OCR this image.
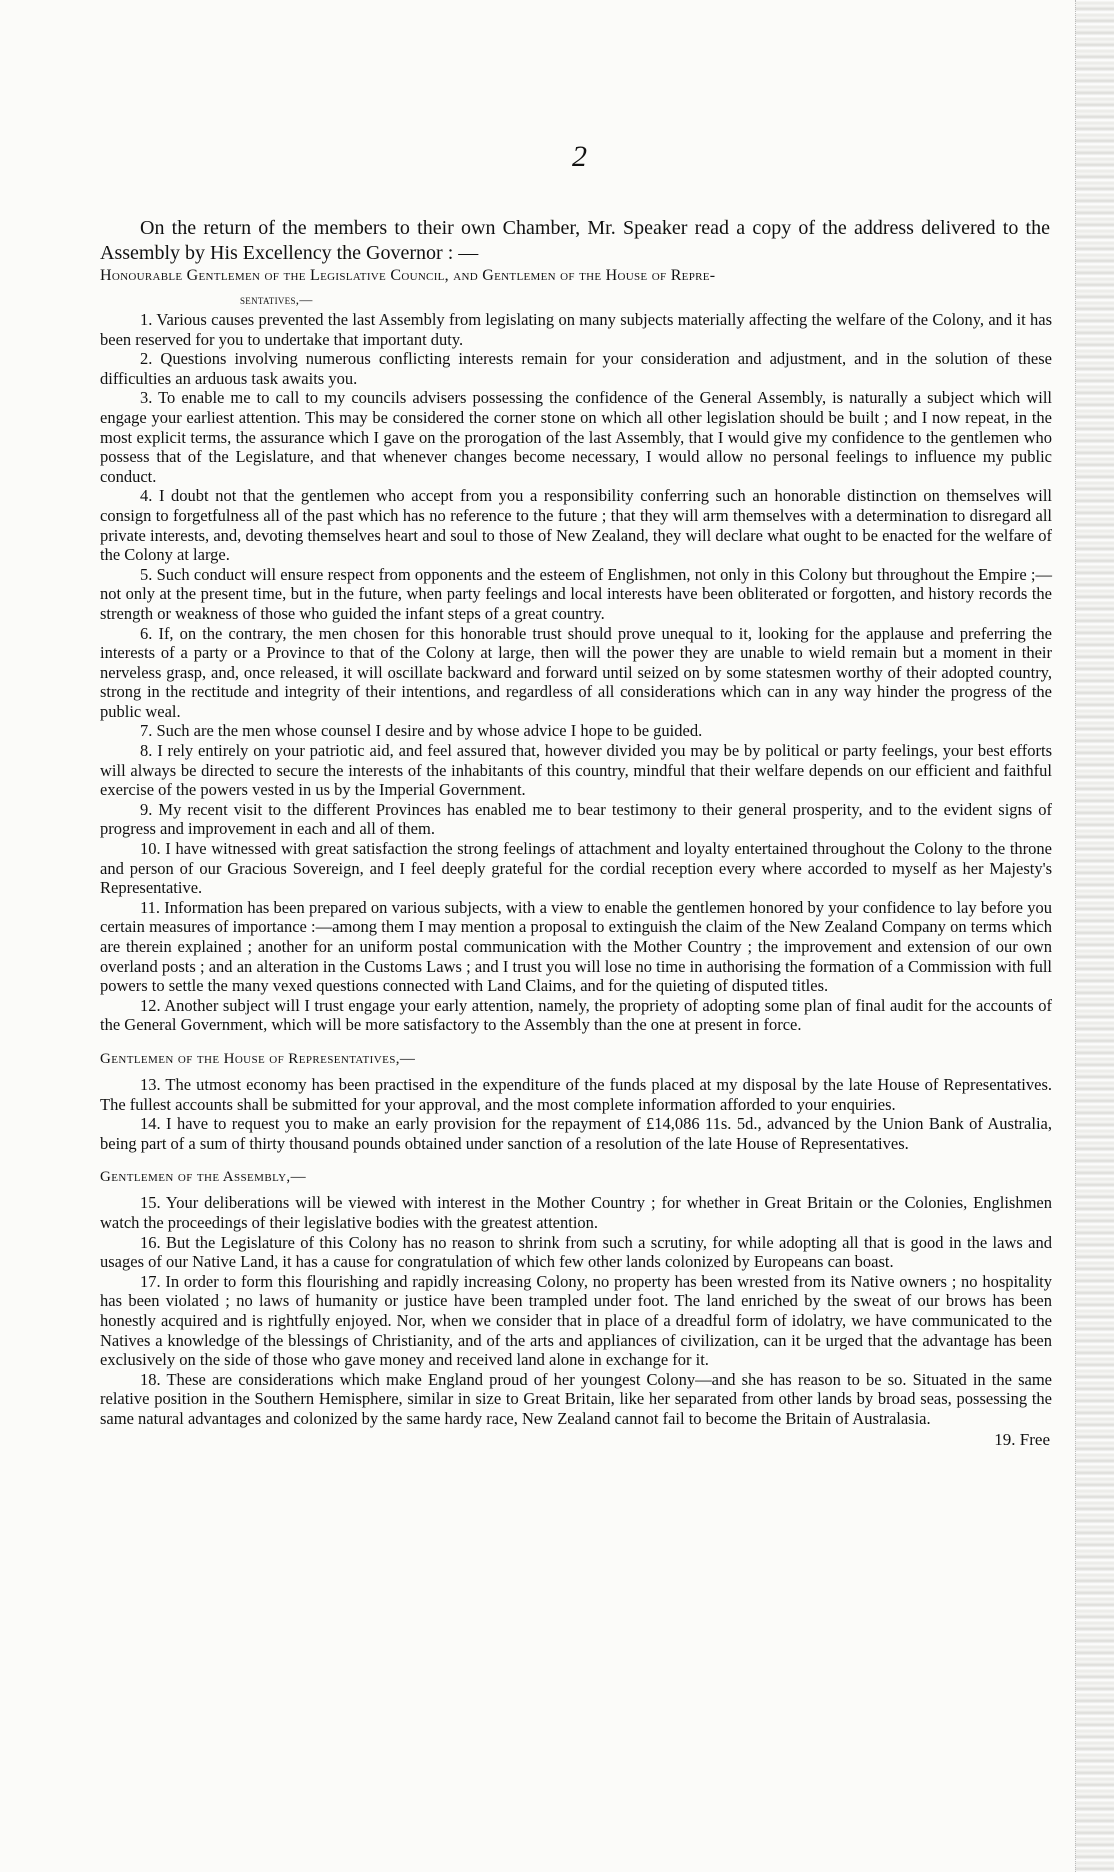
2

On the return of the members to their own Chamber, Mr. Speaker read a copy of the address delivered to the Assembly by His Excellency the Governor : —

Honourable Gentlemen of the Legislative Council, and Gentlemen of the House of Repre-
sentatives,—

1. Various causes prevented the last Assembly from legislating on many subjects materially affecting the welfare of the Colony, and it has been reserved for you to undertake that important duty.

2. Questions involving numerous conflicting interests remain for your consideration and adjustment, and in the solution of these difficulties an arduous task awaits you.

3. To enable me to call to my councils advisers possessing the confidence of the General Assembly, is naturally a subject which will engage your earliest attention. This may be considered the corner stone on which all other legislation should be built ; and I now repeat, in the most explicit terms, the assurance which I gave on the prorogation of the last Assembly, that I would give my confidence to the gentlemen who possess that of the Legislature, and that whenever changes become necessary, I would allow no personal feelings to influence my public conduct.

4. I doubt not that the gentlemen who accept from you a responsibility conferring such an honorable distinction on themselves will consign to forgetfulness all of the past which has no reference to the future ; that they will arm themselves with a determination to disregard all private interests, and, devoting themselves heart and soul to those of New Zealand, they will declare what ought to be enacted for the welfare of the Colony at large.

5. Such conduct will ensure respect from opponents and the esteem of Englishmen, not only in this Colony but throughout the Empire ;—not only at the present time, but in the future, when party feelings and local interests have been obliterated or forgotten, and history records the strength or weakness of those who guided the infant steps of a great country.

6. If, on the contrary, the men chosen for this honorable trust should prove unequal to it, looking for the applause and preferring the interests of a party or a Province to that of the Colony at large, then will the power they are unable to wield remain but a moment in their nerveless grasp, and, once released, it will oscillate backward and forward until seized on by some statesmen worthy of their adopted country, strong in the rectitude and integrity of their intentions, and regardless of all considerations which can in any way hinder the progress of the public weal.

7. Such are the men whose counsel I desire and by whose advice I hope to be guided.

8. I rely entirely on your patriotic aid, and feel assured that, however divided you may be by political or party feelings, your best efforts will always be directed to secure the interests of the inhabitants of this country, mindful that their welfare depends on our efficient and faithful exercise of the powers vested in us by the Imperial Government.

9. My recent visit to the different Provinces has enabled me to bear testimony to their general prosperity, and to the evident signs of progress and improvement in each and all of them.

10. I have witnessed with great satisfaction the strong feelings of attachment and loyalty entertained throughout the Colony to the throne and person of our Gracious Sovereign, and I feel deeply grateful for the cordial reception every where accorded to myself as her Majesty's Representative.

11. Information has been prepared on various subjects, with a view to enable the gentlemen honored by your confidence to lay before you certain measures of importance :—among them I may mention a proposal to extinguish the claim of the New Zealand Company on terms which are therein explained ; another for an uniform postal communication with the Mother Country ; the improvement and extension of our own overland posts ; and an alteration in the Customs Laws ; and I trust you will lose no time in authorising the formation of a Commission with full powers to settle the many vexed questions connected with Land Claims, and for the quieting of disputed titles.

12. Another subject will I trust engage your early attention, namely, the propriety of adopting some plan of final audit for the accounts of the General Government, which will be more satisfactory to the Assembly than the one at present in force.

Gentlemen of the House of Representatives,—

13. The utmost economy has been practised in the expenditure of the funds placed at my disposal by the late House of Representatives. The fullest accounts shall be submitted for your approval, and the most complete information afforded to your enquiries.

14. I have to request you to make an early provision for the repayment of £14,086 11s. 5d., advanced by the Union Bank of Australia, being part of a sum of thirty thousand pounds obtained under sanction of a resolution of the late House of Representatives.

Gentlemen of the Assembly,—

15. Your deliberations will be viewed with interest in the Mother Country ; for whether in Great Britain or the Colonies, Englishmen watch the proceedings of their legislative bodies with the greatest attention.

16. But the Legislature of this Colony has no reason to shrink from such a scrutiny, for while adopting all that is good in the laws and usages of our Native Land, it has a cause for congratulation of which few other lands colonized by Europeans can boast.

17. In order to form this flourishing and rapidly increasing Colony, no property has been wrested from its Native owners ; no hospitality has been violated ; no laws of humanity or justice have been trampled under foot. The land enriched by the sweat of our brows has been honestly acquired and is rightfully enjoyed. Nor, when we consider that in place of a dreadful form of idolatry, we have communicated to the Natives a knowledge of the blessings of Christianity, and of the arts and appliances of civilization, can it be urged that the advantage has been exclusively on the side of those who gave money and received land alone in exchange for it.

18. These are considerations which make England proud of her youngest Colony—and she has reason to be so. Situated in the same relative position in the Southern Hemisphere, similar in size to Great Britain, like her separated from other lands by broad seas, possessing the same natural advantages and colonized by the same hardy race, New Zealand cannot fail to become the Britain of Australasia.

19. Free
